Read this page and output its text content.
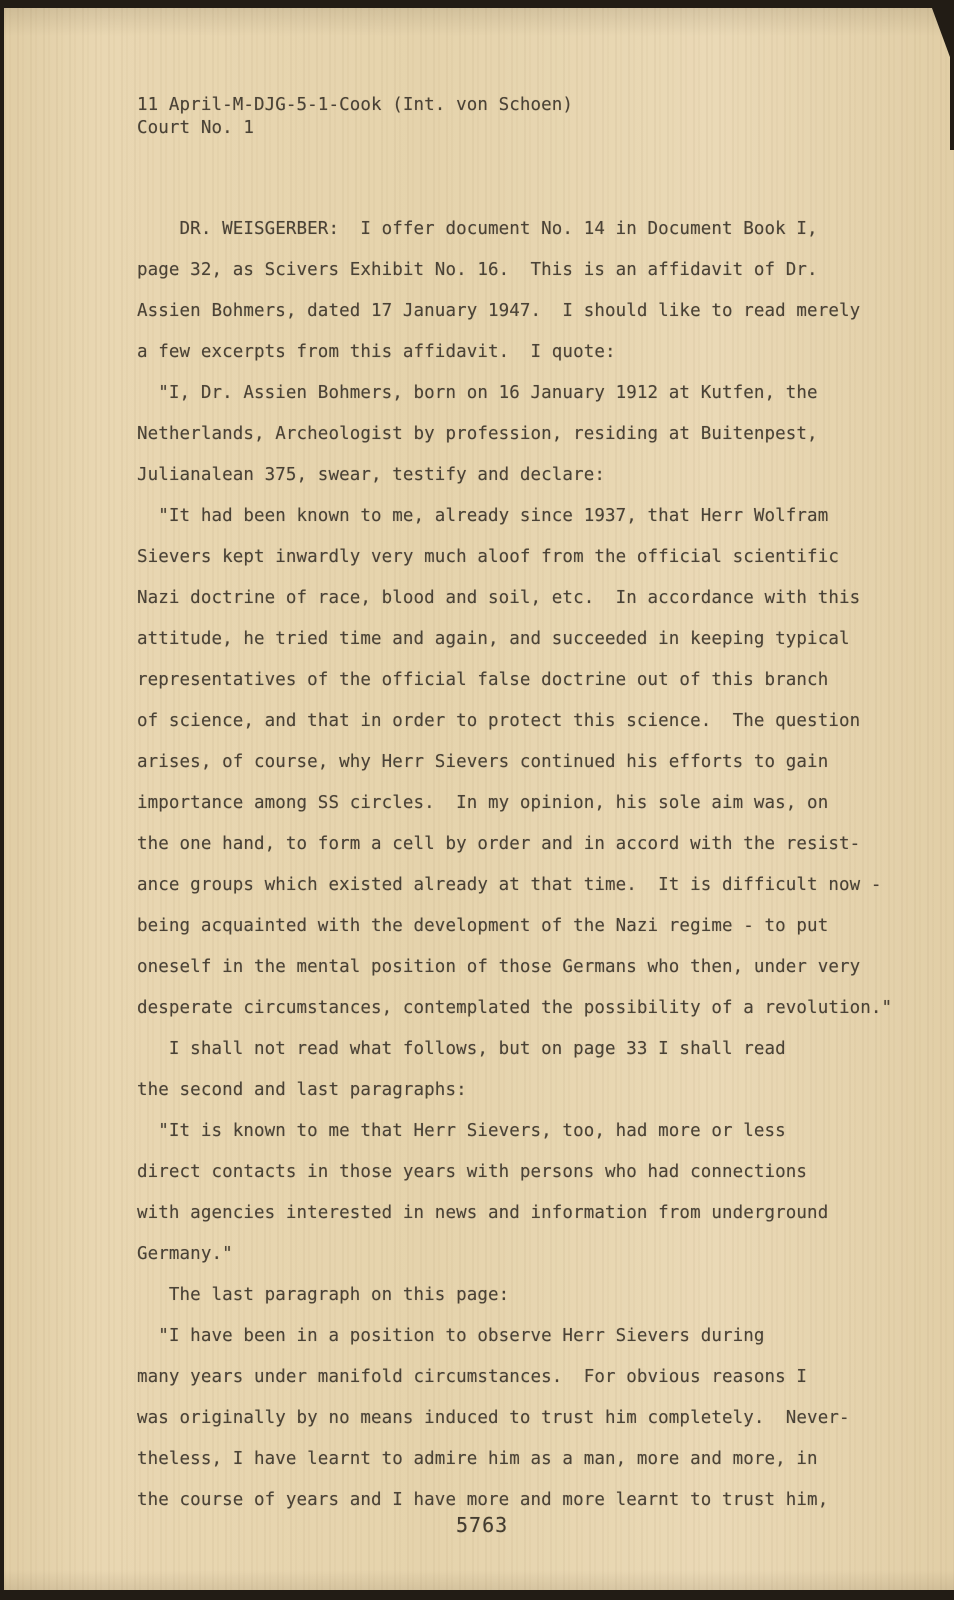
11 April-M-DJG-5-1-Cook (Int. von Schoen)
Court No. 1
DR. WEISGERBER:  I offer document No. 14 in Document Book I,
page 32, as Scivers Exhibit No. 16.  This is an affidavit of Dr.
Assien Bohmers, dated 17 January 1947.  I should like to read merely
a few excerpts from this affidavit.  I quote:
"I, Dr. Assien Bohmers, born on 16 January 1912 at Kutfen, the
Netherlands, Archeologist by profession, residing at Buitenpest,
Julianalean 375, swear, testify and declare:
"It had been known to me, already since 1937, that Herr Wolfram
Sievers kept inwardly very much aloof from the official scientific
Nazi doctrine of race, blood and soil, etc.  In accordance with this
attitude, he tried time and again, and succeeded in keeping typical
representatives of the official false doctrine out of this branch
of science, and that in order to protect this science.  The question
arises, of course, why Herr Sievers continued his efforts to gain
importance among SS circles.  In my opinion, his sole aim was, on
the one hand, to form a cell by order and in accord with the resist-
ance groups which existed already at that time.  It is difficult now -
being acquainted with the development of the Nazi regime - to put
oneself in the mental position of those Germans who then, under very
desperate circumstances, contemplated the possibility of a revolution."
I shall not read what follows, but on page 33 I shall read
the second and last paragraphs:
"It is known to me that Herr Sievers, too, had more or less
direct contacts in those years with persons who had connections
with agencies interested in news and information from underground
Germany."
The last paragraph on this page:
"I have been in a position to observe Herr Sievers during
many years under manifold circumstances.  For obvious reasons I
was originally by no means induced to trust him completely.  Never-
theless, I have learnt to admire him as a man, more and more, in
the course of years and I have more and more learnt to trust him,
5763
